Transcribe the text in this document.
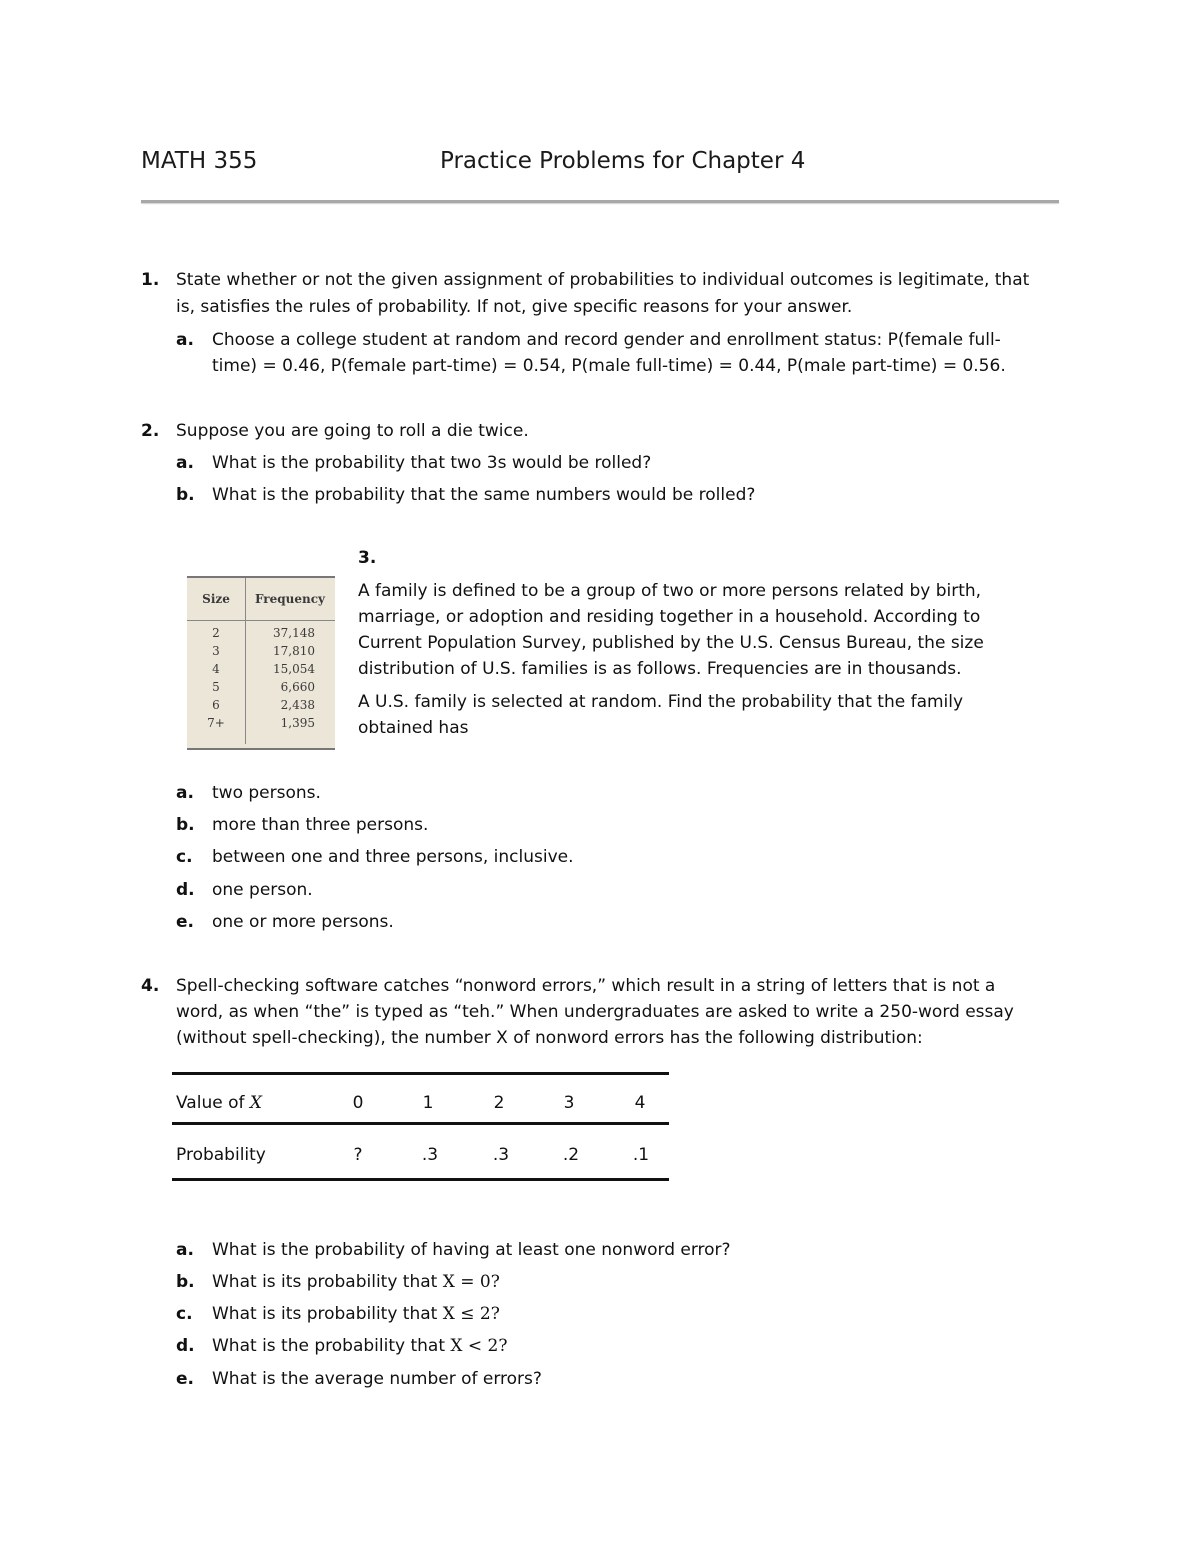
MATH 355	Practice Problems for Chapter 4
1. State whether or not the given assignment of probabilities to individual outcomes is legitimate, that
is, satisfies the rules of probability. If not, give specific reasons for your answer.
a. Choose a college student at random and record gender and enrollment status: P(female full-
time) = 0.46, P(female part-time) = 0.54, P(male full-time) = 0.44, P(male part-time) = 0.56.
2. Suppose you are going to roll a die twice.
a. What is the probability that two 3s would be rolled?
b. What is the probability that the same numbers would be rolled?
Size	Frequency
2	37,148
3	17,810
4	15,054
5	6,660
6	2,438
7+	1,395
3.
A family is defined to be a group of two or more persons related by birth,
marriage, or adoption and residing together in a household. According to
Current Population Survey, published by the U.S. Census Bureau, the size
distribution of U.S. families is as follows. Frequencies are in thousands.
A U.S. family is selected at random. Find the probability that the family
obtained has
a. two persons.
b. more than three persons.
c. between one and three persons, inclusive.
d. one person.
e. one or more persons.
4. Spell-checking software catches “nonword errors,” which result in a string of letters that is not a
word, as when “the” is typed as “teh.” When undergraduates are asked to write a 250-word essay
(without spell-checking), the number X of nonword errors has the following distribution:
Value of X	0	1	2	3	4
Probability	?	.3	.3	.2	.1
a. What is the probability of having at least one nonword error?
b. What is its probability that X = 0?
c. What is its probability that X ≤ 2?
d. What is the probability that X < 2?
e. What is the average number of errors?
